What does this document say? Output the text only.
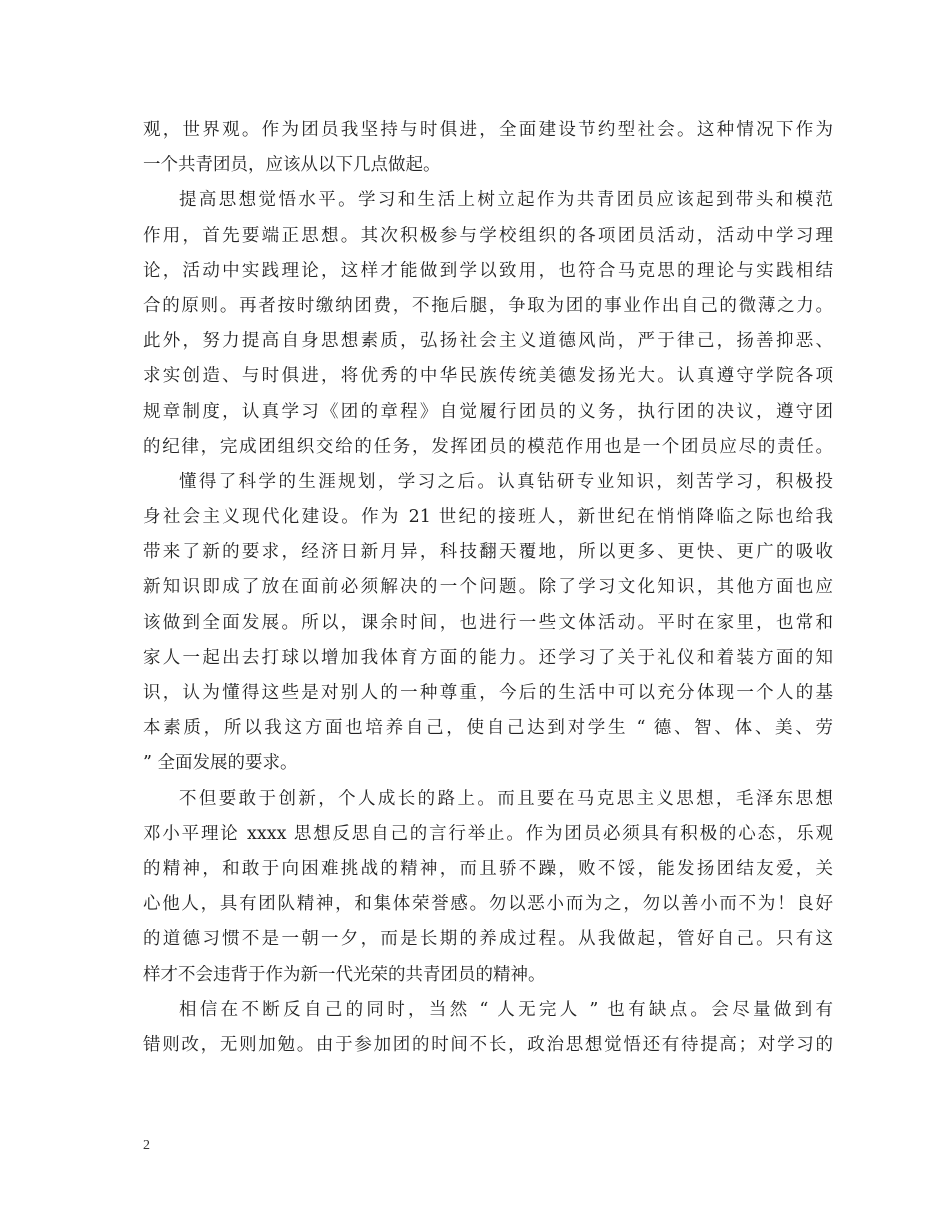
观，世界观。作为团员我坚持与时俱进，全面建设节约型社会。这种情况下作为
一个共青团员，应该从以下几点做起。
提高思想觉悟水平。学习和生活上树立起作为共青团员应该起到带头和模范
作用，首先要端正思想。其次积极参与学校组织的各项团员活动，活动中学习理
论，活动中实践理论，这样才能做到学以致用，也符合马克思的理论与实践相结
合的原则。再者按时缴纳团费，不拖后腿，争取为团的事业作出自己的微薄之力。
此外，努力提高自身思想素质，弘扬社会主义道德风尚，严于律己，扬善抑恶、
求实创造、与时俱进，将优秀的中华民族传统美德发扬光大。认真遵守学院各项
规章制度，认真学习《团的章程》自觉履行团员的义务，执行团的决议，遵守团
的纪律，完成团组织交给的任务，发挥团员的模范作用也是一个团员应尽的责任。
懂得了科学的生涯规划，学习之后。认真钻研专业知识，刻苦学习，积极投
身社会主义现代化建设。作为 21 世纪的接班人，新世纪在悄悄降临之际也给我
带来了新的要求，经济日新月异，科技翻天覆地，所以更多、更快、更广的吸收
新知识即成了放在面前必须解决的一个问题。除了学习文化知识，其他方面也应
该做到全面发展。所以，课余时间，也进行一些文体活动。平时在家里，也常和
家人一起出去打球以增加我体育方面的能力。还学习了关于礼仪和着装方面的知
识，认为懂得这些是对别人的一种尊重，今后的生活中可以充分体现一个人的基
本素质，所以我这方面也培养自己，使自己达到对学生 “ 德、智、体、美、劳
” 全面发展的要求。
不但要敢于创新，个人成长的路上。而且要在马克思主义思想，毛泽东思想
邓小平理论 xxxx 思想反思自己的言行举止。作为团员必须具有积极的心态，乐观
的精神，和敢于向困难挑战的精神，而且骄不躁，败不馁，能发扬团结友爱，关
心他人，具有团队精神，和集体荣誉感。勿以恶小而为之，勿以善小而不为！良好
的道德习惯不是一朝一夕，而是长期的养成过程。从我做起，管好自己。只有这
样才不会违背于作为新一代光荣的共青团员的精神。
相信在不断反自己的同时，当然 “ 人无完人 ” 也有缺点。会尽量做到有
错则改，无则加勉。由于参加团的时间不长，政治思想觉悟还有待提高；对学习的
2
